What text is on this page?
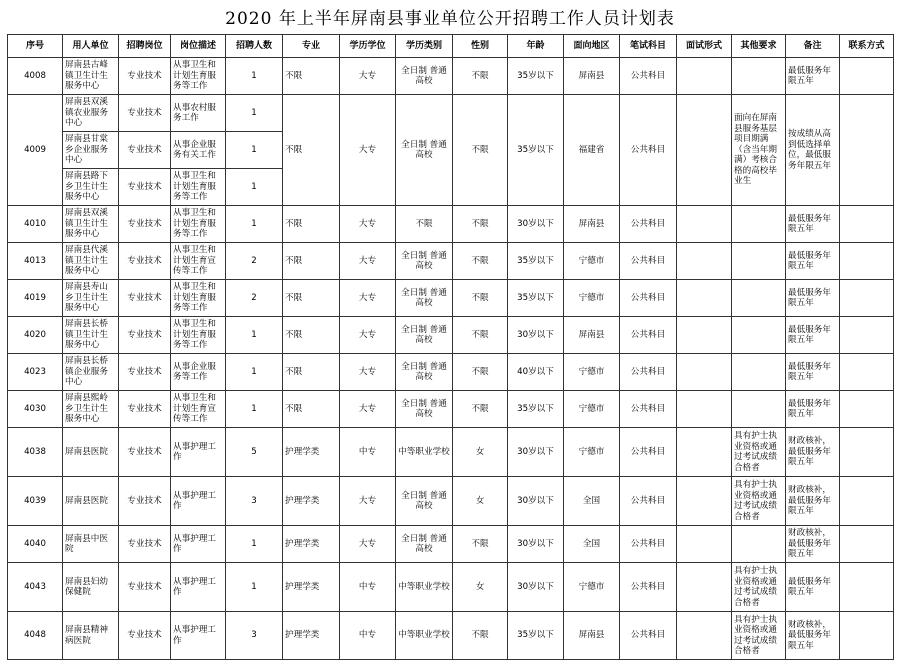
2020 年上半年屏南县事业单位公开招聘工作人员计划表
序号	用人单位	招聘岗位	岗位描述	招聘人数	专业	学历学位	学历类别	性别	年龄	面向地区	笔试科目	面试形式	其他要求	备注	联系方式
4008	屏南县古峰镇卫生计生服务中心	专业技术	从事卫生和计划生育服务等工作	1	不限	大专	全日制 普通高校	不限	35岁以下	屏南县	公共科目			最低服务年限五年	
4009	屏南县双溪镇农业服务中心	专业技术	从事农村服务工作	1	不限	大专	全日制 普通高校	不限	35岁以下	福建省	公共科目		面向在屏南县服务基层项目期满（含当年期满）考核合格的高校毕业生	按成绩从高到低选择单位，最低服务年限五年	
	屏南县甘棠乡企业服务中心	专业技术	从事企业服务有关工作	1											
	屏南县路下乡卫生计生服务中心	专业技术	从事卫生和计划生育服务等工作	1											
4010	屏南县双溪镇卫生计生服务中心	专业技术	从事卫生和计划生育服务等工作	1	不限	大专	不限	不限	30岁以下	屏南县	公共科目			最低服务年限五年	
4013	屏南县代溪镇卫生计生服务中心	专业技术	从事卫生和计划生育宣传等工作	2	不限	大专	全日制 普通高校	不限	35岁以下	宁德市	公共科目			最低服务年限五年	
4019	屏南县寿山乡卫生计生服务中心	专业技术	从事卫生和计划生育服务等工作	2	不限	大专	全日制 普通高校	不限	35岁以下	宁德市	公共科目			最低服务年限五年	
4020	屏南县长桥镇卫生计生服务中心	专业技术	从事卫生和计划生育服务等工作	1	不限	大专	全日制 普通高校	不限	30岁以下	屏南县	公共科目			最低服务年限五年	
4023	屏南县长桥镇企业服务中心	专业技术	从事企业服务等工作	1	不限	大专	全日制 普通高校	不限	40岁以下	宁德市	公共科目			最低服务年限五年	
4030	屏南县熙岭乡卫生计生服务中心	专业技术	从事卫生和计划生育宣传等工作	1	不限	大专	全日制 普通高校	不限	35岁以下	宁德市	公共科目			最低服务年限五年	
4038	屏南县医院	专业技术	从事护理工作	5	护理学类	中专	中等职业学校	女	30岁以下	宁德市	公共科目		具有护士执业资格或通过考试成绩合格者	财政核补，最低服务年限五年	
4039	屏南县医院	专业技术	从事护理工作	3	护理学类	大专	全日制 普通高校	女	30岁以下	全国	公共科目		具有护士执业资格或通过考试成绩合格者	财政核补，最低服务年限五年	
4040	屏南县中医院	专业技术	从事护理工作	1	护理学类	大专	全日制 普通高校	不限	30岁以下	全国	公共科目			财政核补，最低服务年限五年	
4043	屏南县妇幼保健院	专业技术	从事护理工作	1	护理学类	中专	中等职业学校	女	30岁以下	宁德市	公共科目		具有护士执业资格或通过考试成绩合格者	最低服务年限五年	
4048	屏南县精神病医院	专业技术	从事护理工作	3	护理学类	中专	中等职业学校	不限	35岁以下	屏南县	公共科目		具有护士执业资格或通过考试成绩合格者	财政核补，最低服务年限五年	
